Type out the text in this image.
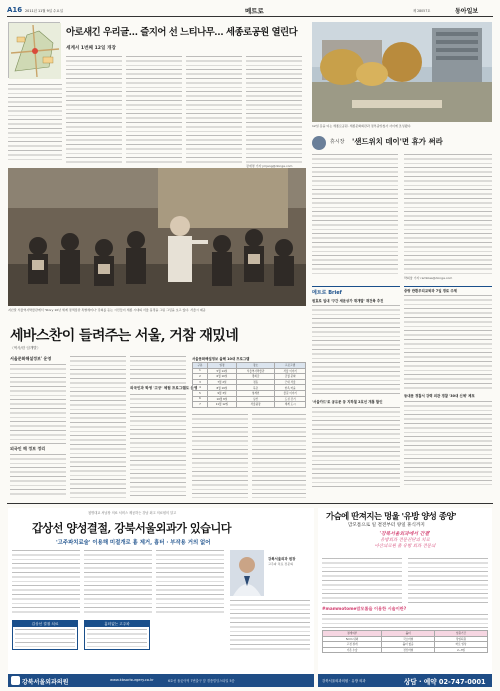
A16 2011년 11월 9일 수요일	메트로	제 28057호	동아일보
아로새긴 우리글… 즐지어 선 느티나무… 세종로공원 열린다
세계서 1번째 12일 개장
장재명 기자 jmjang@donga.com
12일 문을 여는 세종로공원. 세종문화회관과 정부중앙청사 사이에 조성됐다.
휴시장 '샌드위치 데이'면 휴가 써라
박희창 기자 ramblas@donga.com
지난달 서울역사박물관에서 'Story 10년 세계 정책장관 특별세미나' 강의를 듣는 시민들이 세종 시대의 서울 풍경을 그린 그림을 보고 있다. 서울시 제공
세바스찬이 들려주는 서울, 거참 재밌네
〈역사/한 임개발〉
서울문화해설정보' 운영
외국인 해 정보 정리
외국인과 학생 '고궁' 체험 프로그램도 운영
서울문화해설정보 올해 10대 프로그램
구분	일정	장소	프로그램
1	5월 14일	서울역사박물관	서울 이야기
2	6월 10일	경희궁	궁궐 문화
3	7월 2일	정동	근대 서울
4	8월 19일	북촌	한옥 마을
5	9월 3일	청계천	물길 이야기
6	10월 8일	남산	도성 걷기
7	11월 12일	서울광장	세계 도시
메트로 Brief
원효로 일대 '구간 세운상가 재개발' 재건축 추진
'서울카드'로 공유문 등 지하철 2호선 개통 할인
중랑 반환무리교학과 7일 경로 주제
동대문 경찰서 강력 외관 경찰 '30대 신체' 체포
청명대교 서남장 의료 서비스 제공하는 강남 최고 의료원의 알고
갑상선 양성결절, 강북서울외과가 있습니다
'고주파치료술' 이용해 미절개로 흉 제거, 흉터 · 부작용 거의 없어
갑상선 결절 치료	흉터없는 고주파
강북서울외과 원장
고주파 치료 전문의
강북서울외과의원	www.kbsorisurgery.co.kr	6호선 돌곶이역 7번출구 앞 경종빌딩스타일 5층
가슴에 딴져지는 멍울 '유방 양성 종양'
맘모톰으로 일 결전부터 양일 휴식까지
'강북서울외과에서 간결'
유방외과 전문진단의 치료
아산의료원 출 유방 외과 전문의
#mammotome맘모톰을 이용한 시술이란?
절개여부	흉터	입원기간
5mm 내외	국소마취	당일퇴원
고정 절개	흉터 없음	바로 일상
기존 수술	전신마취	2~3일
강북서울외과의원 · 유방 외과	상담 · 예약 02-747-0001
